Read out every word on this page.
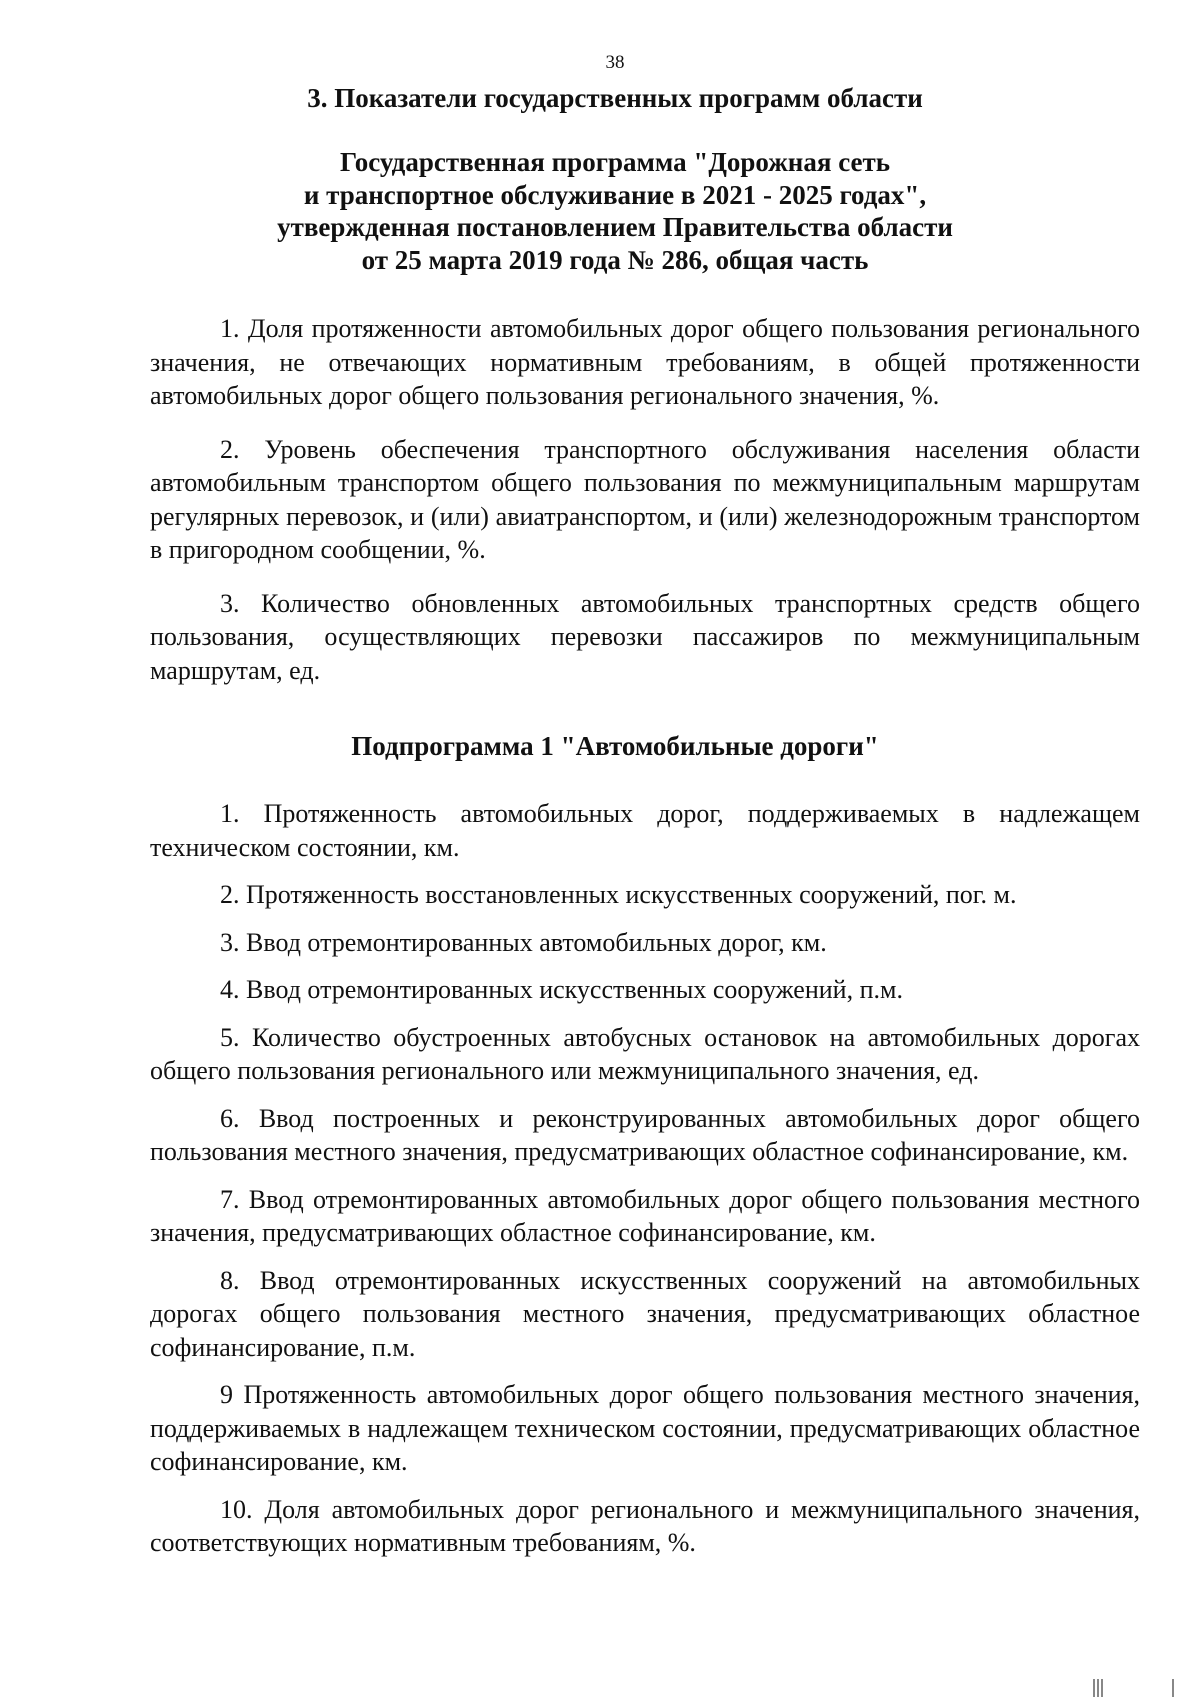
38
3. Показатели государственных программ области
Государственная программа "Дорожная сеть
и транспортное обслуживание в 2021 - 2025 годах",
утвержденная постановлением Правительства области
от 25 марта 2019 года № 286, общая часть

1. Доля протяженности автомобильных дорог общего пользования регионального значения, не отвечающих нормативным требованиям, в общей протяженности автомобильных дорог общего пользования регионального значения, %.

2. Уровень обеспечения транспортного обслуживания населения области автомобильным транспортом общего пользования по межмуниципальным маршрутам регулярных перевозок, и (или) авиатранспортом, и (или) железнодорожным транспортом в пригородном сообщении, %.

3. Количество обновленных автомобильных транспортных средств общего пользования, осуществляющих перевозки пассажиров по межмуниципальным маршрутам, ед.

Подпрограмма 1 "Автомобильные дороги"

1. Протяженность автомобильных дорог, поддерживаемых в надлежащем техническом состоянии, км.

2. Протяженность восстановленных искусственных сооружений, пог. м.

3. Ввод отремонтированных автомобильных дорог, км.

4. Ввод отремонтированных искусственных сооружений, п.м.

5. Количество обустроенных автобусных остановок на автомобильных дорогах общего пользования регионального или межмуниципального значения, ед.

6. Ввод построенных и реконструированных автомобильных дорог общего пользования местного значения, предусматривающих областное софинансирование, км.

7. Ввод отремонтированных автомобильных дорог общего пользования местного значения, предусматривающих областное софинансирование, км.

8. Ввод отремонтированных искусственных сооружений на автомобильных дорогах общего пользования местного значения, предусматривающих областное софинансирование, п.м.

9 Протяженность автомобильных дорог общего пользования местного значения, поддерживаемых в надлежащем техническом состоянии, предусматривающих областное софинансирование, км.

10. Доля автомобильных дорог регионального и межмуниципального значения, соответствующих нормативным требованиям, %.
